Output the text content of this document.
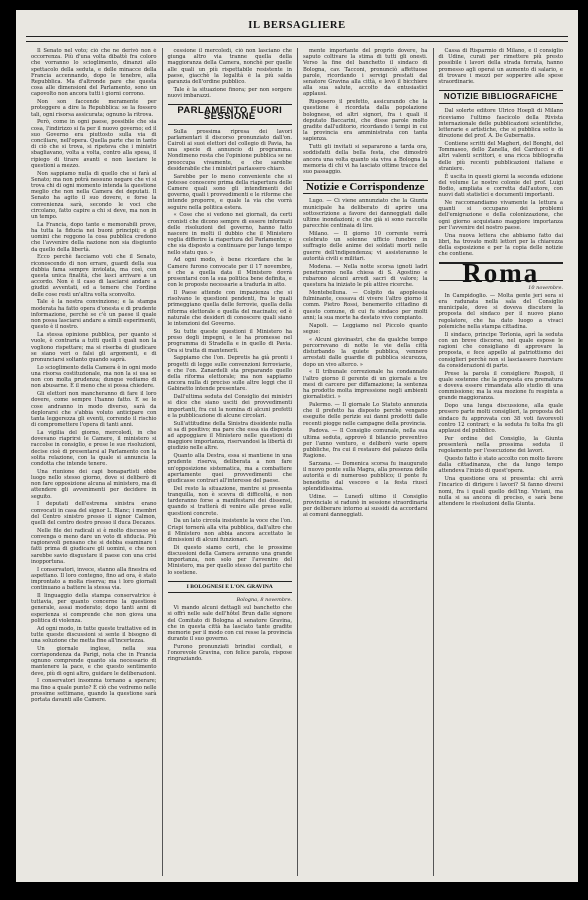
IL BERSAGLIERE

Il Senato nel voto; ciò che ne derivò non è occorrenza. Più d'una volta dibattè fra coloro che vorranno lo scioglimento, dinanzi allo spettacolo della seduta, e delle minacce della Francia accennando, dopo le tenebre, alla Repubblica. Ma d'altronde pare che questa cosa alle dimensioni del Parlamento, sono un capovolto non ancora tutti i giorni corrono.

Non son faccende meramente per proteggere a dire la Repubblica: se la fossero tali, ogni risorsa assicurata; ognuno la ritrova.

Però, come in ogni paese, possibile che sia cosa, l'indirizzo si fa per il nuovo governo; ed il suo Governo era piuttosto sulla via di conciliare, nell'opera. Quella parte che in tanto di ciò che si trova, si ripeteva che i ministri sbagliavano, volta a volta, contro alla spesa, il ripiego di tirare avanti e non lasciare le questioni a mezzo.

Non sappiamo nulla di quello che si farà al Senato; ma non potrà nessuno negare che vi si trova chi di ogni momento intenda la questione meglio che non nella Camera dei deputati. Il Senato ha agito il suo dovere, e forse la convenienza sarà, secondo le voci che circolano, fatto capire a chi si deve, ma non in un tempo.

La Francia, dopo tante e memorabili prove, ha tutta la fiducia nei buoni principii; e gli uomini che reggono la cosa pubblica credono che l'avvenire della nazione non sia disgiunto da quello della libertà.

Ecco perchè facciamo voti che il Senato, riconoscendo di non errare, guardi della sua dubbia fama sempre inviolata, ma così, con questa unica finalità, che lasci arrivare a un accordo. Non è il caso di lasciarsi andare a giudizi avventati, ed a temere che l'ordine delle cose resti un'altra volta sconvolto.

Tale è la nostra convinzione; e la stampa moderata ha fatto opera d'onesta e di prudente informazione, perchè se c'è un paese il quale non possa lasciarsi andare a simili esperimenti, questo è il nostro.

La stessa opinione pubblica, per quanto si vuole, è contraria a tutti quelli i quali non la vogliono rispettare; ma si riserba di giudicare se siano veri o falsi gli argomenti, e di pronunciarsi soltanto quando saprà.

Lo scioglimento della Camera è in ogni modo una risorsa costituzionale, ma non la si usa se non con molta prudenza; dunque vediamo di non abusarne. È il meno che si possa chiedere.

Gli elettori non mancheranno di fare il loro dovere, come sempre l'hanno fatto. E se le cose andranno in modo diverso, sarà da deplorarsi che s'abbia voluto anticipare con tanta leggerezza gli eventi, correndo il rischio di compromettere l'opera di tanti anni.

La vigilia del giorno, mercoledì, in che dovevano riaprirsi le Camere, il ministero si raccolse in consiglio, e prese le sue risoluzioni, decise cioè di presentarsi al Parlamento con la solita relazione, con la quale si annuncia la condotta che intende tenere.

Una riunione dei capi bonapartisti ebbe luogo nello stesso giorno, dove si deliberò di non fare opposizione alcuna al ministero, ma di attendere gli avvenimenti per decidere in seguito.

I deputati dell'estrema sinistra erano convocati in casa del signor L. Blanc; i membri del Centro sinistro presso il signor Calmon, quelli del centro destro presso il duca Decazes.

Nelle file dei radicali si è molto discusso se convenga o meno dare un voto di sfiducia. Più ragionevoli pensano che si debba esaminare i fatti prima di giudicare gli uomini, e che non sarebbe savio disgustare il paese con una crisi inopportuna.

I conservatori, invece, stanno alla finestra ed aspettano. Il loro contegno, fino ad ora, è stato improntato a molta riserva; ma i loro giornali continuano a battere la stessa via.

Il linguaggio della stampa conservatrice è tuttavia, per quanto concerne la questione generale, assai moderato; dopo tanti anni di esperienza si comprende che non giova una politica di violenza.

Ad ogni modo, in tutte queste trattative ed in tutte queste discussioni si sente il bisogno di una soluzione che metta fine all'incertezza.

Un giornale inglese, nella sua corrispondenza da Parigi, nota che in Francia ognuno comprende quanto sia necessario di mantenere la pace, e che questo sentimento deve, più di ogni altro, guidare le deliberazioni.

I conservatori insomma tornano a sperare; ma fino a quale punto? È ciò che vedremo nelle prossime settimane, quando la questione sarà portata davanti alle Camere.

cessione il mercoledì, ciò non lasciano che giunga altro via tranne quella della maggioranza della Camera, nonchè per quelle alle quali un più rispettabile resistente in paese, giacchè la legalità è la più salda garanzia dell'ordine pubblico.

Tale è la situazione finora; per non sorgere nuovi imbarazzi.

PARLAMENTO FUORI SESSIONE

Sulla prossima ripresa dei lavori parlamentari il discorso pronunziato dall'on. Cairoli ai suoi elettori del collegio di Pavia, ha una specie di annuncio di programma. Nondimeno resta che l'opinione pubblica se ne preoccupa vivamente, e che sarebbe desiderabile che i ministri parlassero chiaro.

Sarebbe per lo meno conveniente che si potesse conoscere prima della riapertura delle Camere quali sono gli intendimenti del governo, quali i provvedimenti e le riforme che intende proporre, e quale la via che vorrà seguire nella politica estera.

« Cose che si vedono nei giornali, da certi cronisti che dicono sempre di essere informati delle risoluzioni del governo, hanno fatto nascere in molti il dubbio che il Ministero voglia differire la riapertura del Parlamento; e che sia disposto a continuare per lungo tempo nello statu quo. »

Ad ogni modo, è bene ricordare che le Camere furono convocate per il 17 novembre, e che a quella data il Ministero dovrà presentarsi con la sua politica bene definita, e con le proposte necessarie a tradurla in atto.

Il Paese attende con impazienza che si risolvano le questioni pendenti, fra le quali primeggiano quella delle ferrovie, quella della riforma elettorale e quella del macinato; ed è naturale che desideri di conoscere quali siano le intenzioni del Governo.

Su tutte queste questioni il Ministero ha preso degli impegni, e le ha promesse nel programma di Stradella e in quello di Pavia. Ora si tratta di mantenerli.

Sappiamo che l'on. Depretis ha già pronti i progetti di legge sulle convenzioni ferroviarie, e che l'on. Zanardelli sta preparando quello della riforma elettorale; ma non sappiamo ancora nulla di preciso sulle altre leggi che il Gabinetto intende presentare.

Dall'ultima seduta del Consiglio dei ministri si dice che siano usciti dei provvedimenti importanti, fra cui la nomina di alcuni prefetti e la pubblicazione di alcune circolari.

Sull'attitudine della Sinistra dissidente nulla si sa di positivo; ma pare che essa sia disposta ad appoggiare il Ministero nelle questioni di maggiore importanza, riservandosi la libertà di giudizio nelle altre.

Quanto alla Destra, essa si mantiene in una prudente riserva, deliberata a non fare un'opposizione sistematica, ma a combattere apertamente quei provvedimenti che giudicasse contrari all'interesse del paese.

Del resto la situazione, mentre si presenta tranquilla, non è scevra di difficoltà, e non tarderanno forse a manifestarsi dei dissensi, quando si tratterà di venire alle prese sulle questioni concrete.

Da un lato circola insistente la voce che l'on. Crispi tornerà alla vita pubblica, dall'altro che il Ministero non abbia ancora accettato le dimissioni di alcuni funzionari.

Di questo siamo certi, che le prossime discussioni della Camera avranno una grande importanza, non solo per l'avvenire del Ministero, ma per quello stesso del partito che lo sostiene.

I BOLOGNESI E L'ON. GRAVINA
Bologna, 8 novembre.

Vi mando alcuni dettagli sul banchetto che si offrì nelle sale dell'hôtel Brun dalle signore del Comitato di Bologna al senatore Gravina, che in questa città ha lasciato tante gradite memorie per il modo con cui resse la provincia durante il suo governo.

Furono pronunziati brindisi cordiali, e l'onorevole Gravina, con felice parola, rispose ringraziando.

mente importante del proprio dovere, ha saputo coltivare la stima di tutti gli onesti. Verso la fine del banchetto il sindaco di Bologna, cav. Tacconi, pronunciò affettuose parole, ricordando i servigi prestati dal senatore Gravina alla città, e levò il bicchiere alla sua salute, accolto da entusiastici applausi.

Risposero il prefetto, assicurando che la questione è ricordata dalla popolazione bolognese, ed altri signori, fra i quali il deputato Baccarini, che disse parole molto gradite dall'uditorio, ricordando i tempi in cui la provincia era amministrata con tanta sapienza.

Tutti gli invitati si separarono a tarda ora, soddisfatti della bella festa, che dimostrò ancora una volta quanto sia viva a Bologna la memoria di chi vi ha lasciato ottime tracce del suo passaggio.

Notizie e Corrispondenze

Lugo. — Ci viene annunziato che la Giunta municipale ha deliberato di aprire una sottoscrizione a favore dei danneggiati dalle ultime inondazioni; e che già si sono raccolte parecchie centinaia di lire.

Milano. — Il giorno 10 corrente verrà celebrato un solenne ufficio funebre in suffragio delle anime dei soldati morti nelle guerre dell'indipendenza; vi assisteranno le autorità civili e militari.

Modena. — Nella notte scorsa ignoti ladri penetrarono nella chiesa di S. Agostino e rubarono alcuni arredi sacri di valore; la questura ha iniziato le più attive ricerche.

Montebelluna. — Colpito da apoplessia fulminante, cessava di vivere l'altro giorno il comm. Pietro Rossi, benemerito cittadino di questo comune, di cui fu sindaco per molti anni; la sua morte ha destato vivo compianto.

Napoli. — Leggiamo nel Piccolo quanto segue:

« Alcuni giovinastri, che da qualche tempo percorrevano di notte le vie della città disturbando la quiete pubblica, vennero arrestati dalle guardie di pubblica sicurezza, dopo un vivo alterco. »

« Il tribunale correzionale ha condannato l'altro giorno il gerente di un giornale a tre mesi di carcere per diffamazione; la sentenza ha prodotto molta impressione negli ambienti giornalistici. »

Palermo. — Il giornale Lo Statuto annunzia che il prefetto ha disposto perchè vengano eseguite delle perizie sui danni prodotti dalle recenti piogge nelle campagne della provincia.

Padova. — Il Consiglio comunale, nella sua ultima seduta, approvò il bilancio preventivo per l'anno venturo, e deliberò varie opere pubbliche, fra cui il restauro del palazzo della Ragione.

Sarzana. — Domenica scorsa fu inaugurato il nuovo ponte sulla Magra, alla presenza delle autorità e di numeroso pubblico; il ponte fu benedetto dal vescovo e la festa riuscì splendidissima.

Udine. — Lunedì ultimo il Consiglio provinciale si radunò in sessione straordinaria per deliberare intorno ai sussidi da accordarsi ai comuni danneggiati.

Cassa di Risparmio di Milano, e il consiglio di Udine, curati per rimettere più presto possibile i lavori della strada ferrata, hanno promesso agli operai un aumento di salario, e di trovare i mezzi per sopperire alle spese straordinarie.

NOTIZIE BIBLIOGRAFICHE

Dal solerte editore Ulrico Hoepli di Milano riceviamo l'ultimo fascicolo della Rivista internazionale delle pubblicazioni scientifiche, letterarie e artistiche, che si pubblica sotto la direzione del prof. A. De Gubernatis.

Contiene scritti del Magheri, del Bonghi, del Tommaseo, dello Zanella, del Carducci e di altri valenti scrittori, e una ricca bibliografia delle più recenti pubblicazioni italiane e straniere.

È uscita in questi giorni la seconda edizione del volume Le nostre colonie del prof. Luigi Bodio, ampliata e corretta dall'autore, con nuovi dati statistici e documenti importanti.

Ne raccomandiamo vivamente la lettura a quanti si occupano dei problemi dell'emigrazione e della colonizzazione, che ogni giorno acquistano maggiore importanza per l'avvenire del nostro paese.

Una nuova lettera che abbiamo fatto dai libri, ha trovato molti lettori per la chiarezza della esposizione e per la copia delle notizie che contiene.

Roma
10 novembre.

In Campidoglio. — Molta gente jeri sera si era radunata nella sala del Consiglio municipale, dove si doveva discutere la proposta del sindaco per il nuovo piano regolatore, che ha dato luogo a vivaci polemiche nella stampa cittadina.

Il sindaco, principe Torlonia, aprì la seduta con un breve discorso, nel quale espose le ragioni che consigliano di approvare la proposta, e fece appello al patriottismo dei consiglieri perchè non si lasciassero fuorviare da considerazioni di parte.

Prese la parola il consigliere Ruspoli, il quale sostenne che la proposta era prematura e doveva essere rimandata allo studio di una commissione; ma la sua mozione fu respinta a grande maggioranza.

Dopo una lunga discussione, alla quale presero parte molti consiglieri, la proposta del sindaco fu approvata con 38 voti favorevoli contro 12 contrari; e la seduta fu tolta fra gli applausi del pubblico.

Per ordine del Consiglio, la Giunta presenterà nella prossima seduta il regolamento per l'esecuzione dei lavori.

Questo fatto è stato accolto con molto favore dalla cittadinanza, che da lungo tempo attendeva l'inizio di quest'opera.

Una questione ora si presenta: chi avrà l'incarico di dirigere i lavori? Si fanno diversi nomi, fra i quali quello dell'ing. Viviani, ma nulla si sa ancora di preciso, e sarà bene attendere le risoluzioni della Giunta.
